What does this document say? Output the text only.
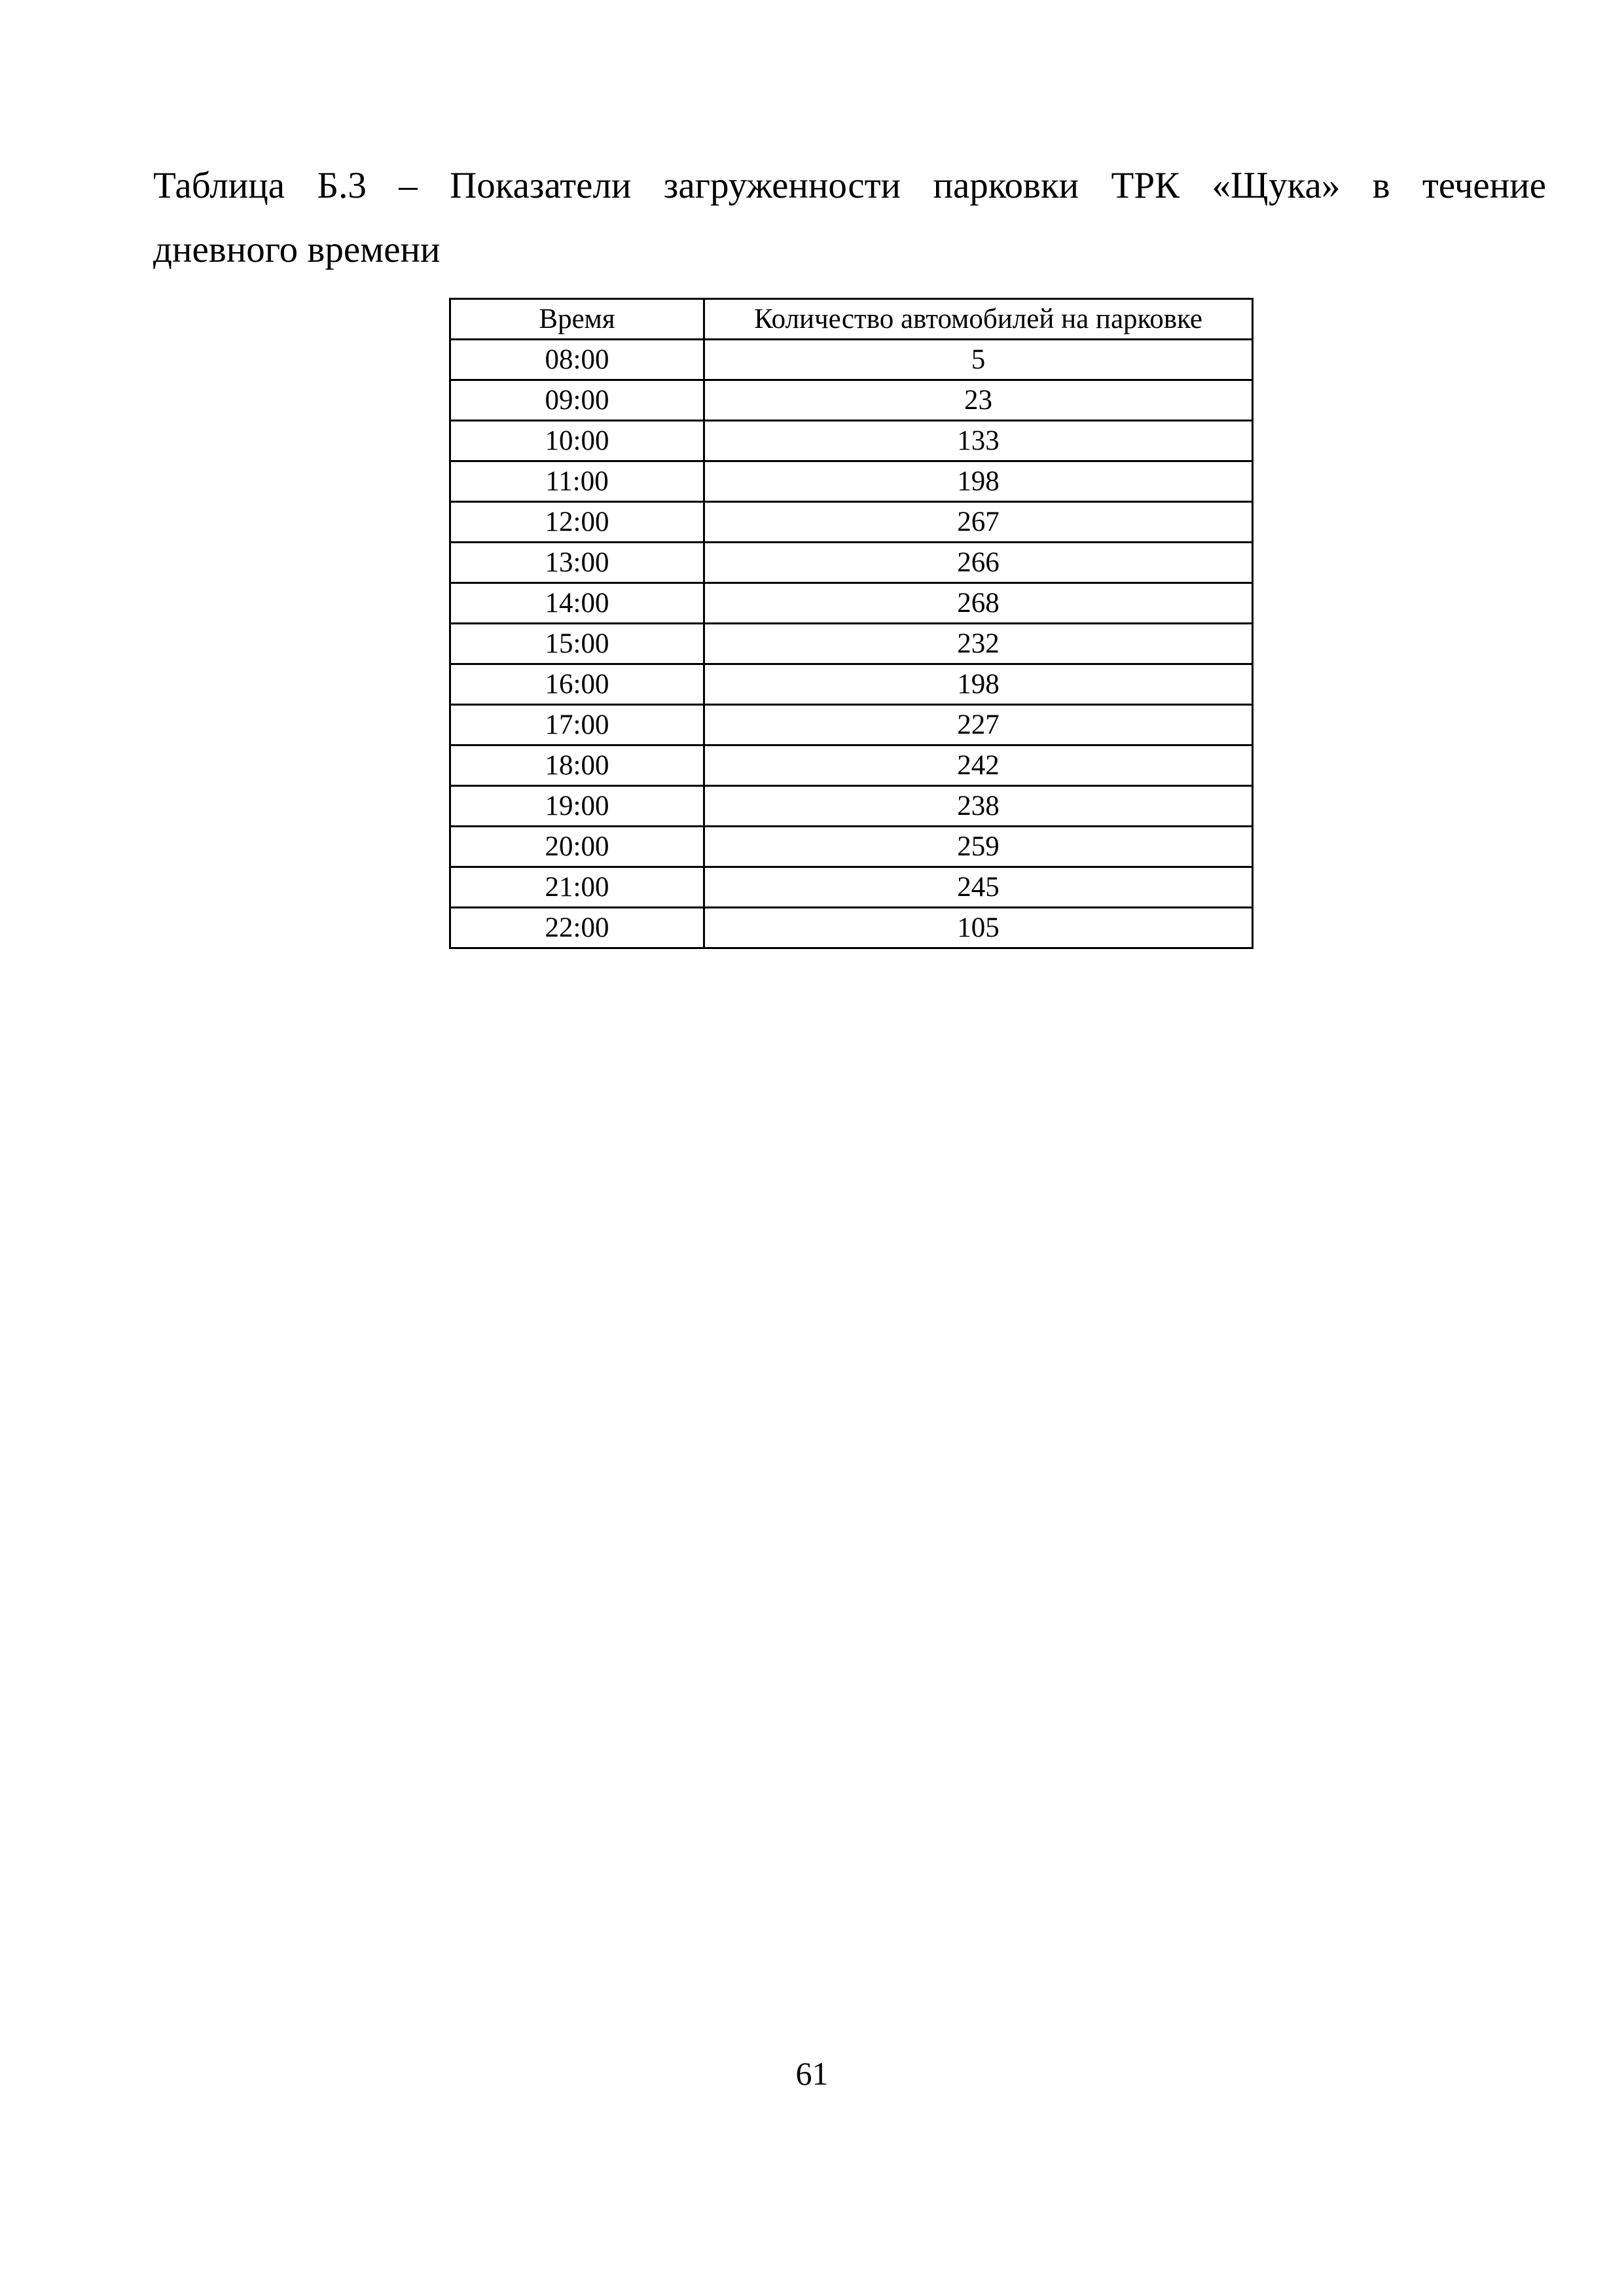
Таблица Б.3 – Показатели загруженности парковки ТРК «Щука» в течение
дневного времени
Время	Количество автомобилей на парковке
08:00	5
09:00	23
10:00	133
11:00	198
12:00	267
13:00	266
14:00	268
15:00	232
16:00	198
17:00	227
18:00	242
19:00	238
20:00	259
21:00	245
22:00	105
61
